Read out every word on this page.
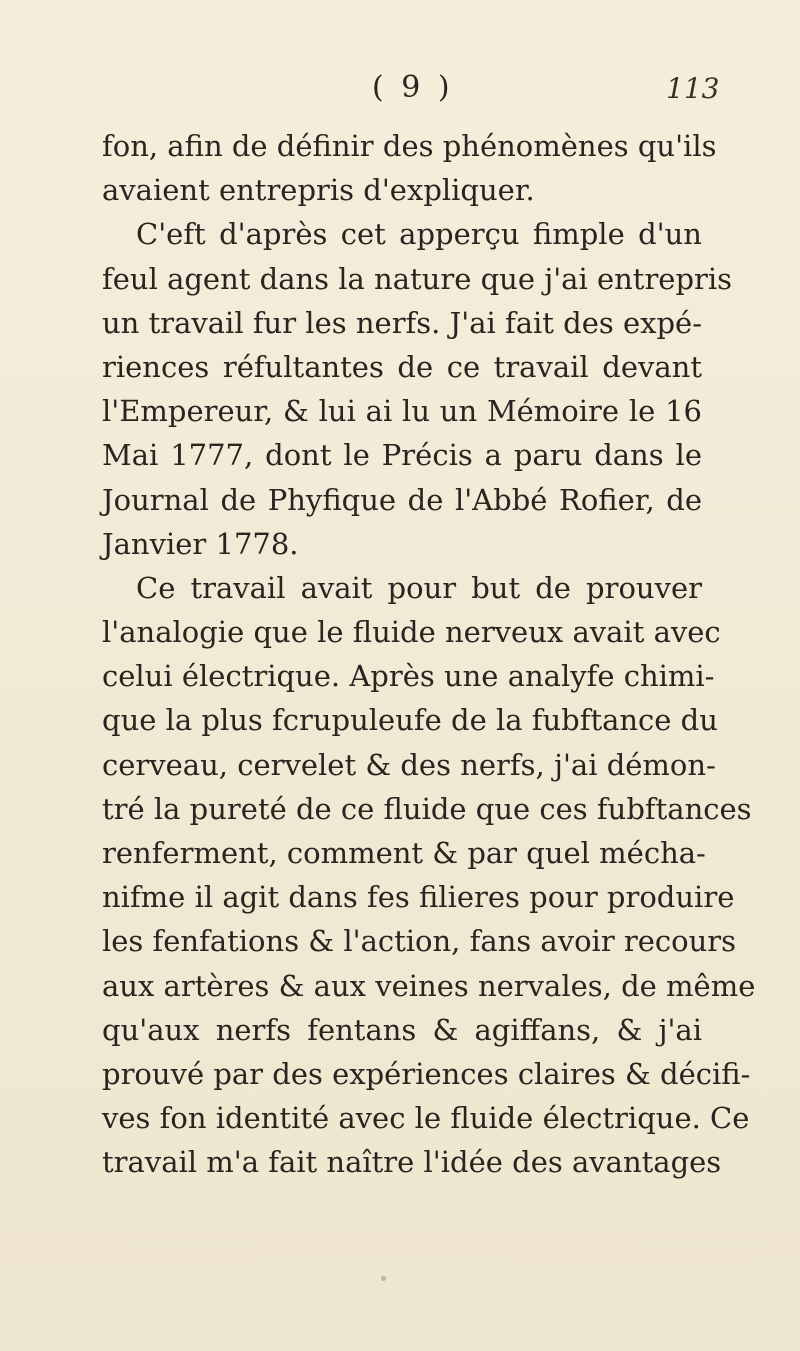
( 9 )	113
fon, afin de définir des phénomènes qu'ils
avaient entrepris d'expliquer.
C'eft d'après cet apperçu fimple d'un
feul agent dans la nature que j'ai entrepris
un travail fur les nerfs. J'ai fait des expé-
riences réfultantes de ce travail devant
l'Empereur, & lui ai lu un Mémoire le 16
Mai 1777, dont le Précis a paru dans le
Journal de Phyfique de l'Abbé Rofier, de
Janvier 1778.
Ce travail avait pour but de prouver
l'analogie que le fluide nerveux avait avec
celui électrique. Après une analyfe chimi-
que la plus fcrupuleufe de la fubftance du
cerveau, cervelet & des nerfs, j'ai démon-
tré la pureté de ce fluide que ces fubftances
renferment, comment & par quel mécha-
nifme il agit dans fes filieres pour produire
les fenfations & l'action, fans avoir recours
aux artères & aux veines nervales, de même
qu'aux nerfs fentans & agiffans, & j'ai
prouvé par des expériences claires & décifi-
ves fon identité avec le fluide électrique. Ce
travail m'a fait naître l'idée des avantages
